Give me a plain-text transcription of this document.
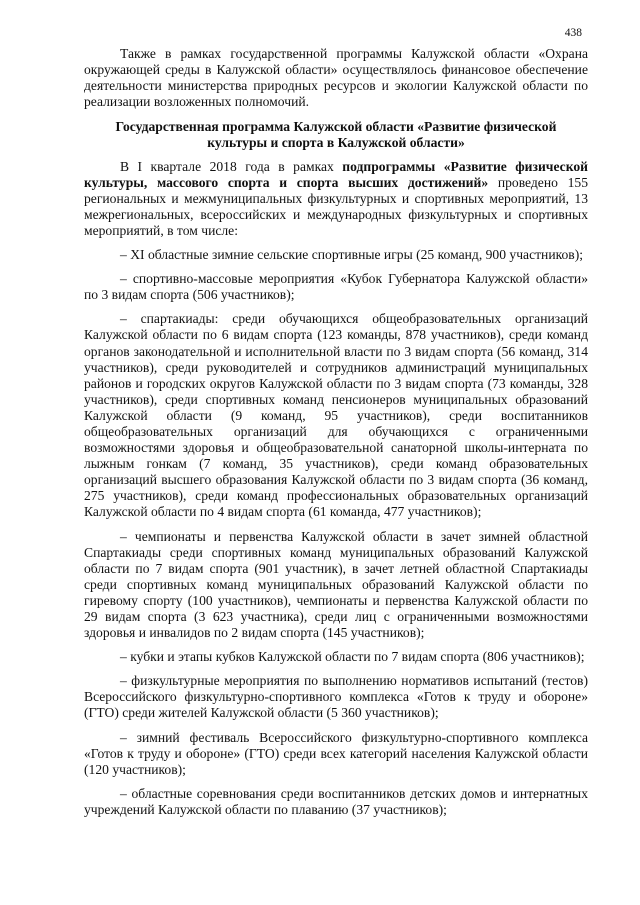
438

Также в рамках государственной программы Калужской области «Охрана окружающей среды в Калужской области» осуществлялось финансовое обеспечение деятельности министерства природных ресурсов и экологии Калужской области по реализации возложенных полномочий.

Государственная программа Калужской области «Развитие физической культуры и спорта в Калужской области»

В I квартале 2018 года в рамках подпрограммы «Развитие физической культуры, массового спорта и спорта высших достижений» проведено 155 региональных и межмуниципальных физкультурных и спортивных мероприятий, 13 межрегиональных, всероссийских и международных физкультурных и спортивных мероприятий, в том числе:

– XI областные зимние сельские спортивные игры (25 команд, 900 участников);

– спортивно-массовые мероприятия «Кубок Губернатора Калужской области» по 3 видам спорта (506 участников);

– спартакиады: среди обучающихся общеобразовательных организаций Калужской области по 6 видам спорта (123 команды, 878 участников), среди команд органов законодательной и исполнительной власти по 3 видам спорта (56 команд, 314 участников), среди руководителей и сотрудников администраций муниципальных районов и городских округов Калужской области по 3 видам спорта (73 команды, 328 участников), среди спортивных команд пенсионеров муниципальных образований Калужской области (9 команд, 95 участников), среди воспитанников общеобразовательных организаций для обучающихся с ограниченными возможностями здоровья и общеобразовательной санаторной школы-интерната по лыжным гонкам (7 команд, 35 участников), среди команд образовательных организаций высшего образования Калужской области по 3 видам спорта (36 команд, 275 участников), среди команд профессиональных образовательных организаций Калужской области по 4 видам спорта (61 команда, 477 участников);

– чемпионаты и первенства Калужской области в зачет зимней областной Спартакиады среди спортивных команд муниципальных образований Калужской области по 7 видам спорта (901 участник), в зачет летней областной Спартакиады среди спортивных команд муниципальных образований Калужской области по гиревому спорту (100 участников), чемпионаты и первенства Калужской области по 29 видам спорта (3 623 участника), среди лиц с ограниченными возможностями здоровья и инвалидов по 2 видам спорта (145 участников);

– кубки и этапы кубков Калужской области по 7 видам спорта (806 участников);

– физкультурные мероприятия по выполнению нормативов испытаний (тестов) Всероссийского физкультурно-спортивного комплекса «Готов к труду и обороне» (ГТО) среди жителей Калужской области (5 360 участников);

– зимний фестиваль Всероссийского физкультурно-спортивного комплекса «Готов к труду и обороне» (ГТО) среди всех категорий населения Калужской области (120 участников);

– областные соревнования среди воспитанников детских домов и интернатных учреждений Калужской области по плаванию (37 участников);
